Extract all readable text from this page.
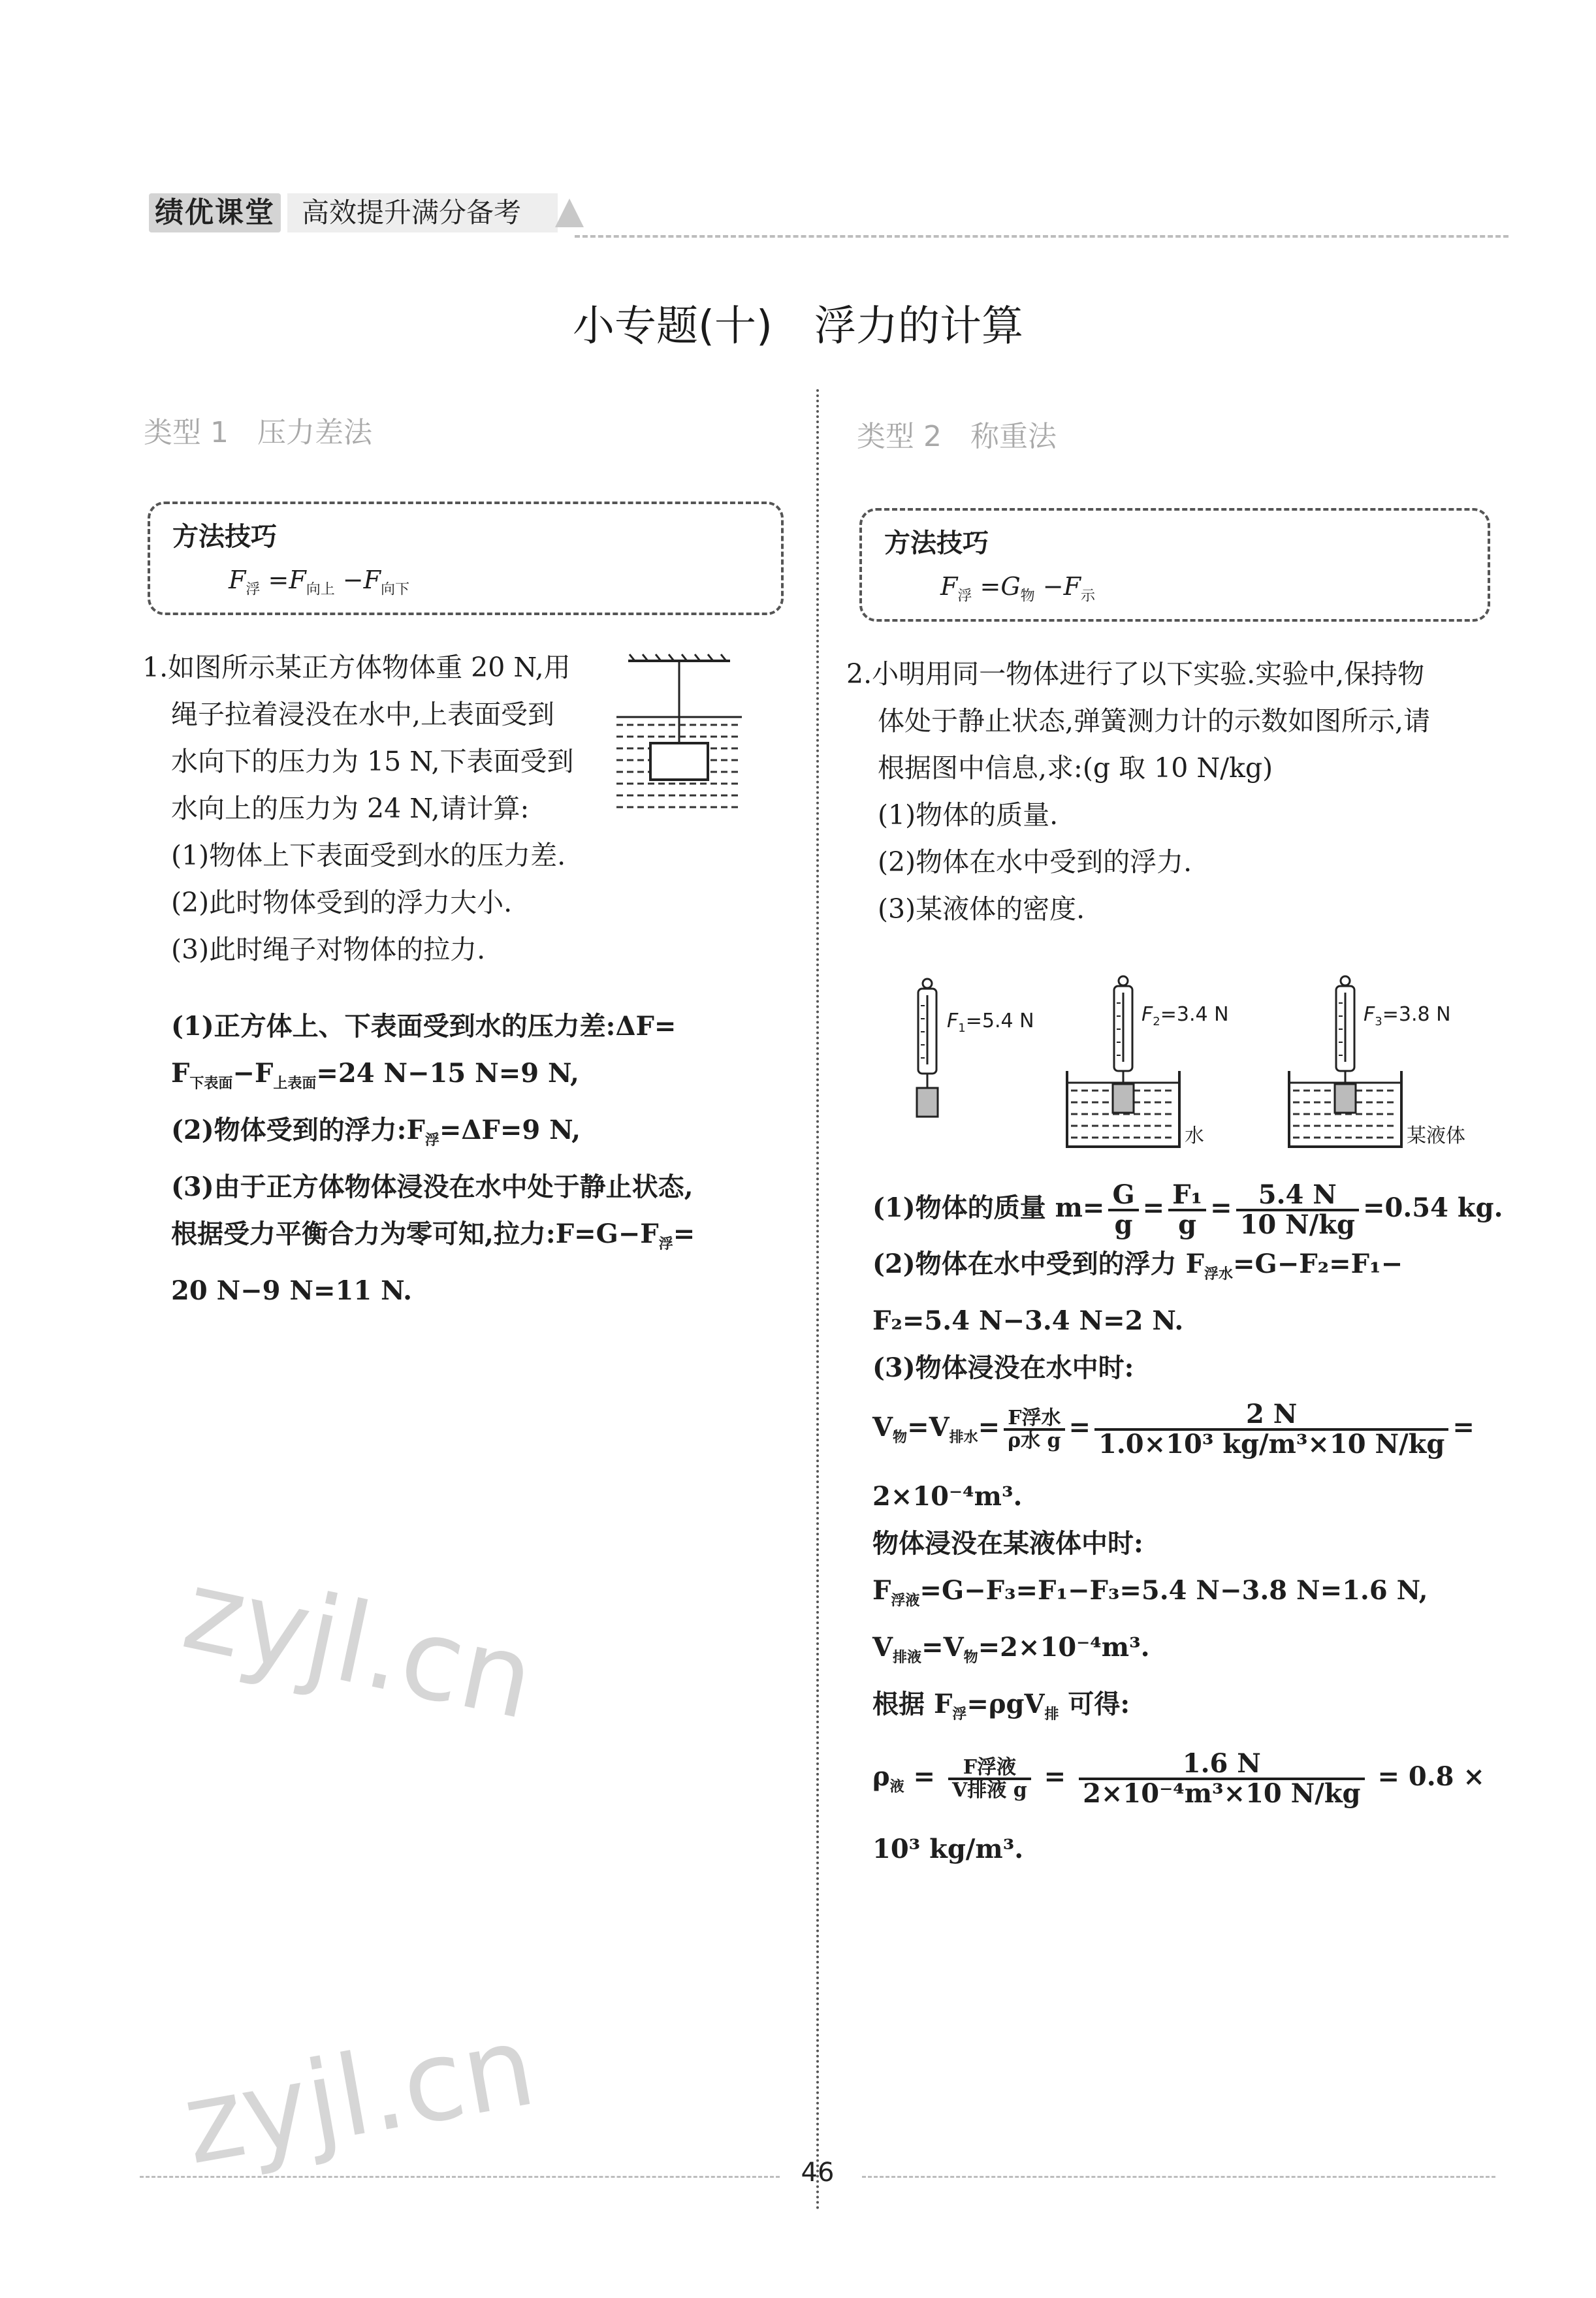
绩优课堂 高效提升满分备考
小专题(十)　浮力的计算
类型 1　压力差法
方法技巧
$F_浮 =F_{向上} -F_{向下}$
1.如图所示某正方体物体重 20 N,用
绳子拉着浸没在水中,上表面受到
水向下的压力为 15 N,下表面受到
水向上的压力为 24 N,请计算:
(1)物体上下表面受到水的压力差.
(2)此时物体受到的浮力大小.
(3)此时绳子对物体的拉力.
(1)正方体上、下表面受到水的压力差:ΔF=
$F_{下表面}-F_{上表面}=24$ N−15 N=9 N,
(2)物体受到的浮力$:F_浮=\Delta F=9$ N,
(3)由于正方体物体浸没在水中处于静止状态,
根据受力平衡合力为零可知,拉力$:F=G-F_浮=$
20 N−9 N=11 N.
zyjl.cn
zyjl.cn
类型 2　称重法
方法技巧
$F_浮 =G_物 -F_示$
2.小明用同一物体进行了以下实验.实验中,保持物
体处于静止状态,弹簧测力计的示数如图所示,请
根据图中信息,求:(g 取 10 N/kg)
(1)物体的质量.
(2)物体在水中受到的浮力.
(3)某液体的密度.
$F_1=5.4$ N	$F_2=3.4$ N	$F_3=3.8$ N
水	某液体
(1)物体的质量 $m= \frac{G}{g} = \frac{\text{F₁}}{g} = \frac{5.4 N}{10 N/kg} =0.54$ kg.
(2)物体在水中受到的浮力 $F_{浮水}=G-F_2=F_1-$
F₂=5.4 N−3.4 N=2 N.
(3)物体浸没在水中时:
$V_物=V_{排水}= \frac{\text{F浮水}}{\text{ρ水 g}} = \frac{2 N}{\text{1.0×10³ kg/m³×10 N/kg}}$ =
2×10⁻⁴m³.
物体浸没在某液体中时:
$F_{浮液}=G-F_3=F_1-F_3=5.4$ N−3.8 N=1.6 N,
$V_{排液}=V_物=2\times 10^{-4}m^3$.
根据 $F_浮=\rho gV_排$ 可得:
$\rho_液 = \frac{\text{F浮液}}{\text{V排液 g}} = \frac{1.6 N}{\text{2×10⁻⁴m³×10 N/kg}} = 0.8$ ×
10³ kg/m³.
46
